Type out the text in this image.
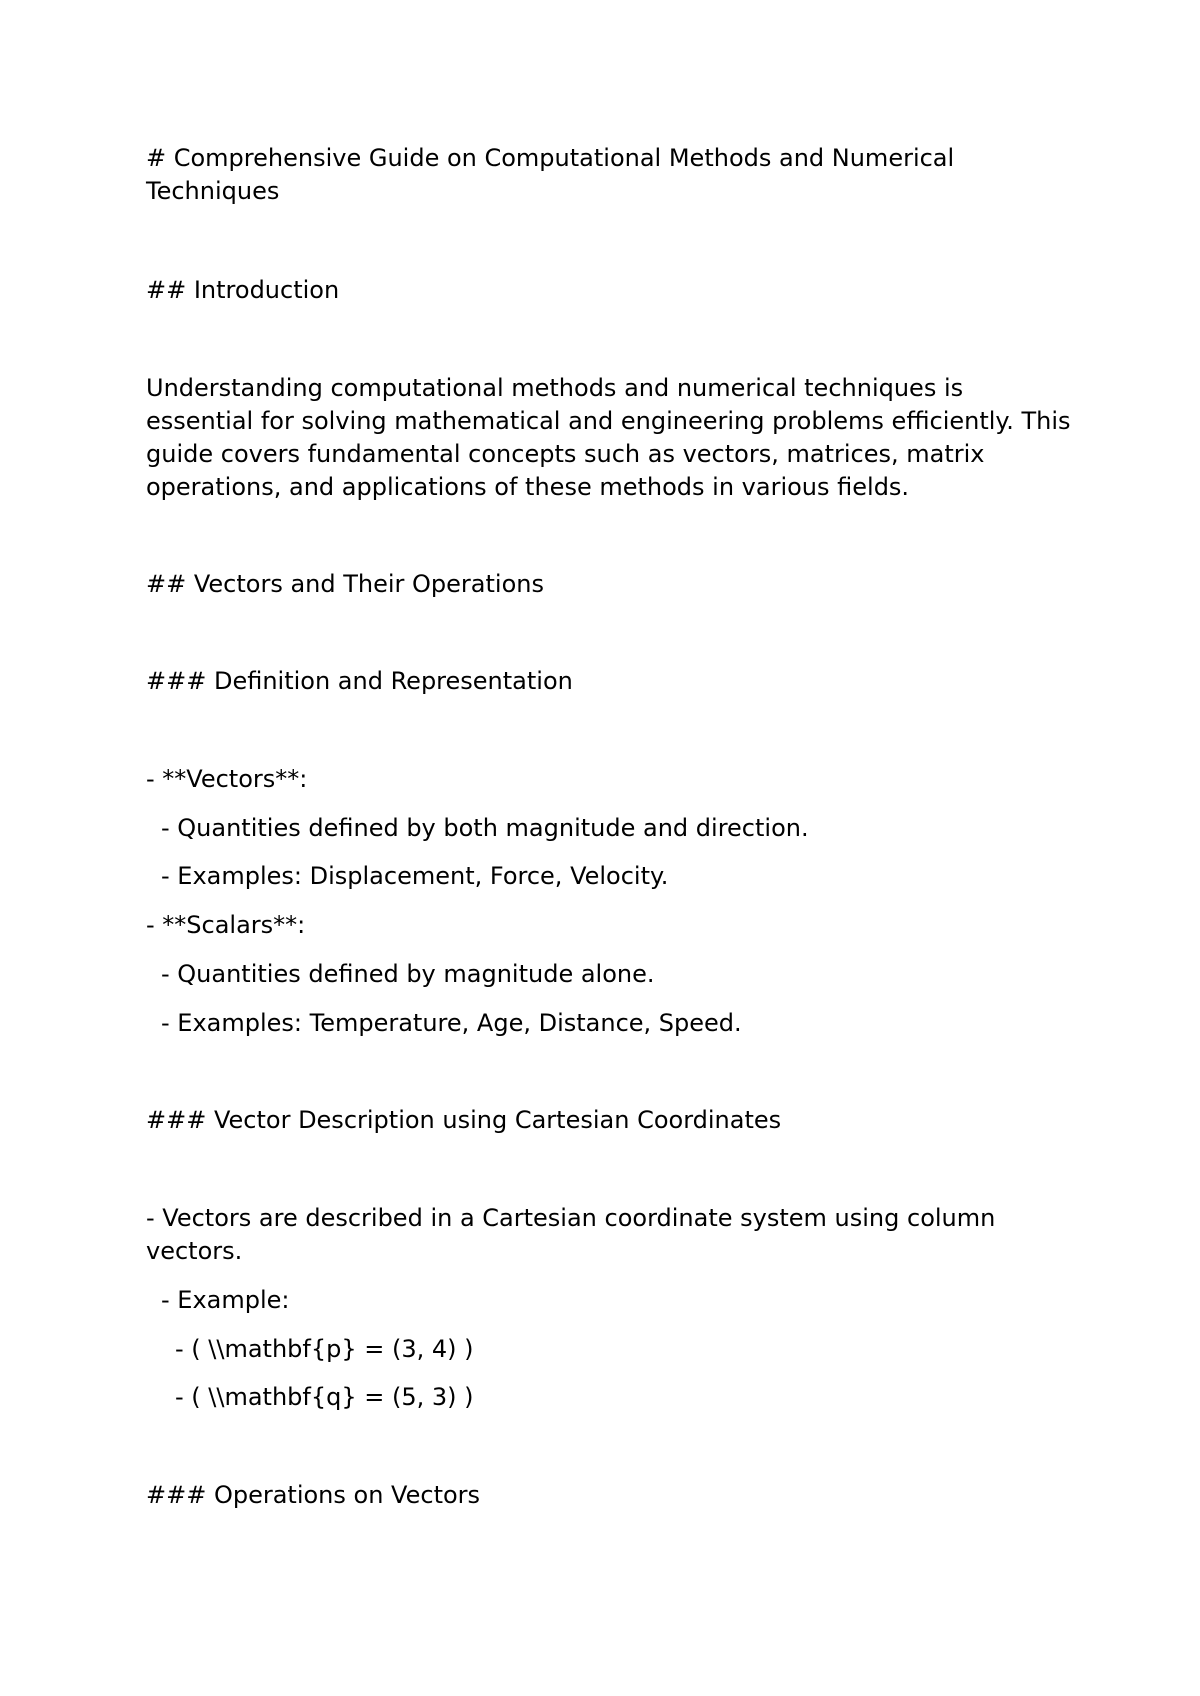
# Comprehensive Guide on Computational Methods and Numerical Techniques

## Introduction

Understanding computational methods and numerical techniques is essential for solving mathematical and engineering problems efficiently. This guide covers fundamental concepts such as vectors, matrices, matrix operations, and applications of these methods in various fields.

## Vectors and Their Operations

### Definition and Representation

- **Vectors**:

- Quantities defined by both magnitude and direction.

- Examples: Displacement, Force, Velocity.

- **Scalars**:

- Quantities defined by magnitude alone.

- Examples: Temperature, Age, Distance, Speed.

### Vector Description using Cartesian Coordinates

- Vectors are described in a Cartesian coordinate system using column vectors.

- Example:

- ( \\mathbf{p} = (3, 4) )

- ( \\mathbf{q} = (5, 3) )

### Operations on Vectors
